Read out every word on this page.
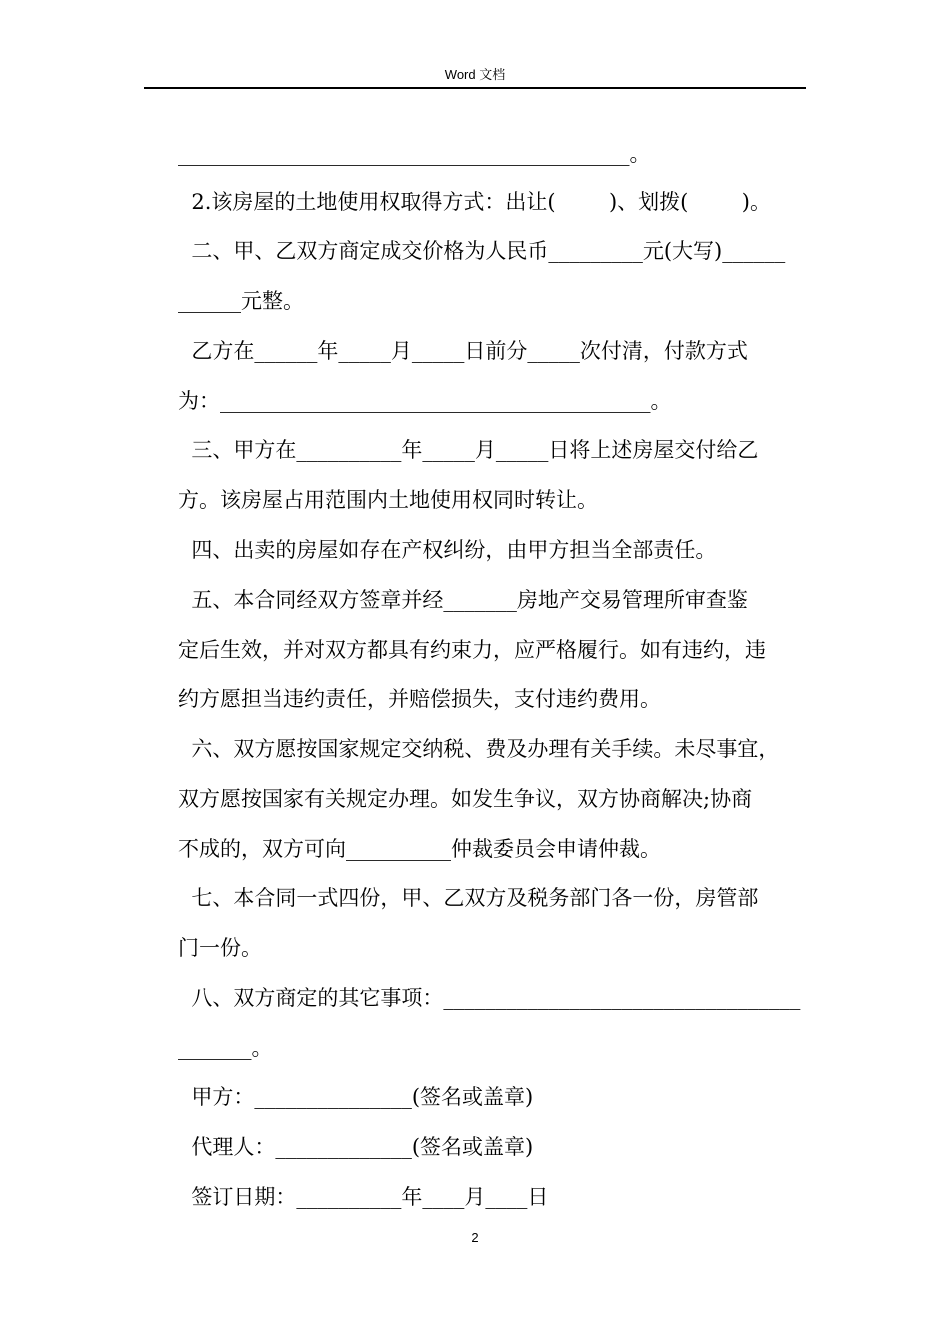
Word 文档
___________________________________________。
2.该房屋的土地使用权取得方式：出让(        )、划拨(        )。
二、甲、乙双方商定成交价格为人民币_________元(大写)______
______元整。
乙方在______年_____月_____日前分_____次付清，付款方式
为：_________________________________________。
三、甲方在__________年_____月_____日将上述房屋交付给乙
方。该房屋占用范围内土地使用权同时转让。
四、出卖的房屋如存在产权纠纷，由甲方担当全部责任。
五、本合同经双方签章并经_______房地产交易管理所审查鉴
定后生效，并对双方都具有约束力，应严格履行。如有违约，违
约方愿担当违约责任，并赔偿损失，支付违约费用。
六、双方愿按国家规定交纳税、费及办理有关手续。未尽事宜，
双方愿按国家有关规定办理。如发生争议，双方协商解决;协商
不成的，双方可向__________仲裁委员会申请仲裁。
七、本合同一式四份，甲、乙双方及税务部门各一份，房管部
门一份。
八、双方商定的其它事项：__________________________________
_______。
甲方：_______________(签名或盖章)
代理人：_____________(签名或盖章)
签订日期：__________年____月____日
2
